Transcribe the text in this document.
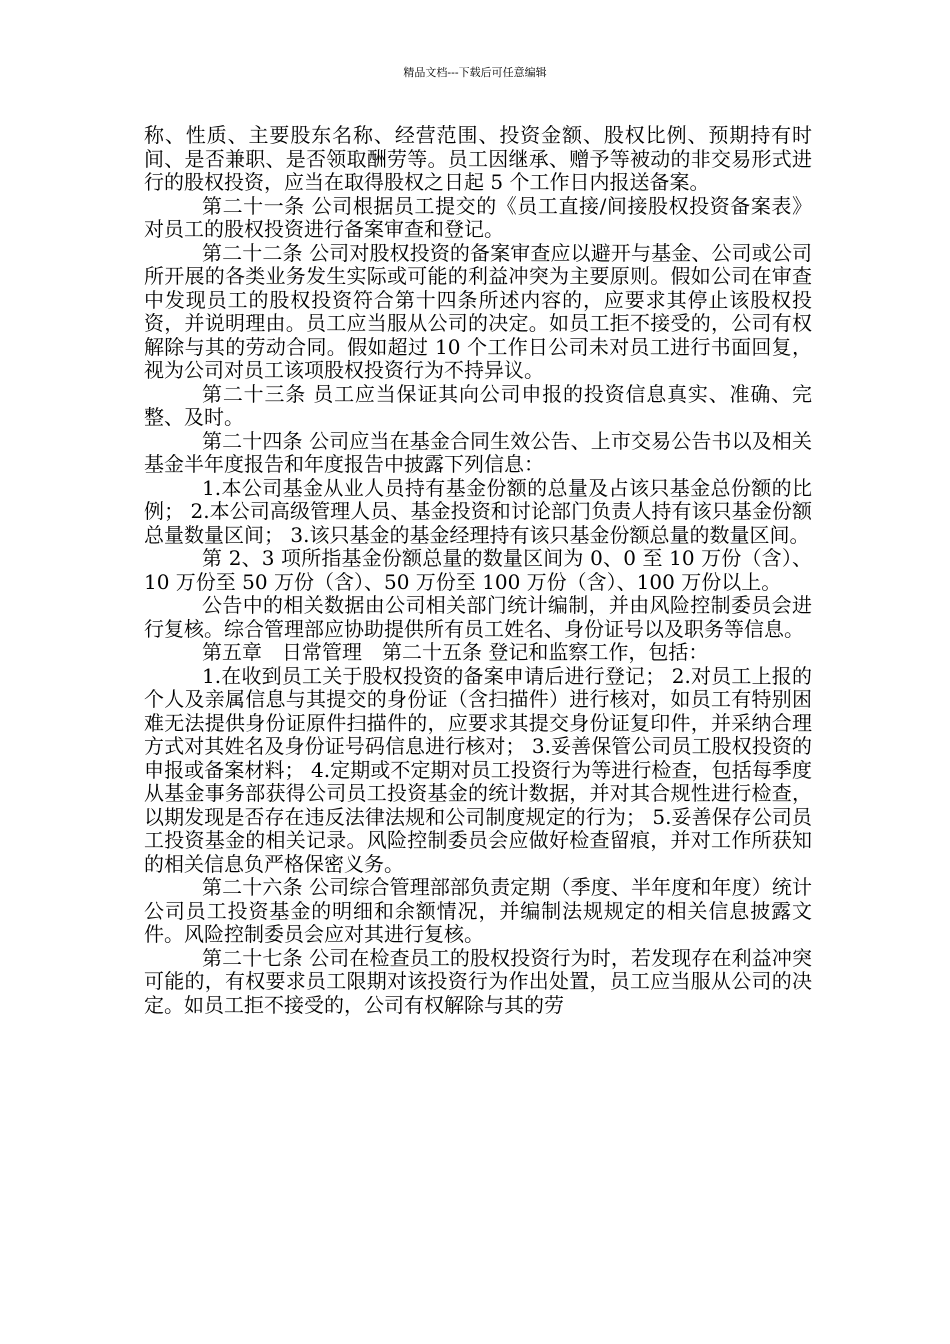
精品文档---下载后可任意编辑

称、性质、主要股东名称、经营范围、投资金额、股权比例、预期持有时间、是否兼职、是否领取酬劳等。员工因继承、赠予等被动的非交易形式进行的股权投资，应当在取得股权之日起 5 个工作日内报送备案。

第二十一条 公司根据员工提交的《员工直接/间接股权投资备案表》对员工的股权投资进行备案审查和登记。

第二十二条 公司对股权投资的备案审查应以避开与基金、公司或公司所开展的各类业务发生实际或可能的利益冲突为主要原则。假如公司在审查中发现员工的股权投资符合第十四条所述内容的，应要求其停止该股权投资，并说明理由。员工应当服从公司的决定。如员工拒不接受的，公司有权解除与其的劳动合同。假如超过 10 个工作日公司未对员工进行书面回复，视为公司对员工该项股权投资行为不持异议。

第二十三条 员工应当保证其向公司申报的投资信息真实、准确、完整、及时。

第二十四条 公司应当在基金合同生效公告、上市交易公告书以及相关基金半年度报告和年度报告中披露下列信息：

1.本公司基金从业人员持有基金份额的总量及占该只基金总份额的比例； 2.本公司高级管理人员、基金投资和讨论部门负责人持有该只基金份额总量数量区间； 3.该只基金的基金经理持有该只基金份额总量的数量区间。

第 2、3 项所指基金份额总量的数量区间为 0、0 至 10 万份（含）、10 万份至 50 万份（含）、50 万份至 100 万份（含）、100 万份以上。

公告中的相关数据由公司相关部门统计编制，并由风险控制委员会进行复核。综合管理部应协助提供所有员工姓名、身份证号以及职务等信息。

第五章　日常管理　第二十五条 登记和监察工作，包括：

1.在收到员工关于股权投资的备案申请后进行登记； 2.对员工上报的个人及亲属信息与其提交的身份证（含扫描件）进行核对，如员工有特别困难无法提供身份证原件扫描件的，应要求其提交身份证复印件，并采纳合理方式对其姓名及身份证号码信息进行核对； 3.妥善保管公司员工股权投资的申报或备案材料； 4.定期或不定期对员工投资行为等进行检查，包括每季度从基金事务部获得公司员工投资基金的统计数据，并对其合规性进行检查，以期发现是否存在违反法律法规和公司制度规定的行为； 5.妥善保存公司员工投资基金的相关记录。风险控制委员会应做好检查留痕，并对工作所获知的相关信息负严格保密义务。

第二十六条 公司综合管理部部负责定期（季度、半年度和年度）统计公司员工投资基金的明细和余额情况，并编制法规规定的相关信息披露文件。风险控制委员会应对其进行复核。

第二十七条 公司在检查员工的股权投资行为时，若发现存在利益冲突可能的，有权要求员工限期对该投资行为作出处置，员工应当服从公司的决定。如员工拒不接受的，公司有权解除与其的劳
